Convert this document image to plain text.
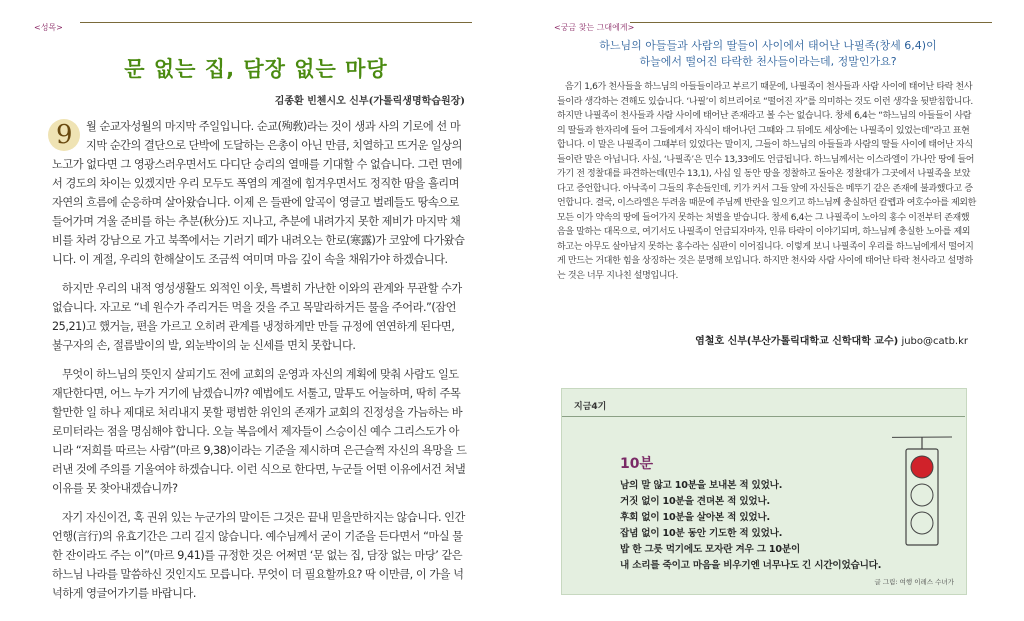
<성목>
문 없는 집, 담장 없는 마당
김종환 빈첸시오 신부(가톨릭생명학습원장)

9	월 순교자성월의 마지막 주일입니다. 순교(殉敎)라는 것이 생과 사의 기로에 선 마지막 순간의 결단으로 단박에 도달하는 은총이 아닌 만큼, 치열하고 뜨거운 일상의 노고가 없다면 그 영광스러우면서도 다디단 승리의 열매를 기대할 수 없습니다. 그런 면에서 경도의 차이는 있겠지만 우리 모두도 폭염의 계절에 힘겨우면서도 정직한 땀을 흘리며 자연의 흐름에 순응하며 살아왔습니다. 이제 은 들판에 알곡이 영글고 벌레들도 땅속으로 들어가며 겨울 준비를 하는 추분(秋分)도 지나고, 추분에 내려가지 못한 제비가 마지막 채비를 차려 강남으로 가고 북쪽에서는 기러기 떼가 내려오는 한로(寒露)가 코앞에 다가왔습니다. 이 계절, 우리의 한해살이도 조금씩 여미며 마음 깊이 속을 채워가야 하겠습니다.

하지만 우리의 내적 영성생활도 외적인 이웃, 특별히 가난한 이와의 관계와 무관할 수가 없습니다. 자고로 “네 원수가 주리거든 먹을 것을 주고 목말라하거든 물을 주어라.”(잠언 25,21)고 했거늘, 편을 가르고 오히려 관계를 냉정하게만 만들 규정에 연연하게 된다면, 불구자의 손, 절름발이의 발, 외눈박이의 눈 신세를 면치 못합니다.

무엇이 하느님의 뜻인지 살피기도 전에 교회의 운영과 자신의 계획에 맞춰 사람도 일도 재단한다면, 어느 누가 거기에 남겠습니까? 예법에도 서툴고, 말투도 어눌하며, 딱히 주목할만한 일 하나 제대로 처리내지 못할 평범한 위인의 존재가 교회의 진정성을 가늠하는 바로미터라는 점을 명심해야 합니다. 오늘 복음에서 제자들이 스승이신 예수 그리스도가 아니라 “저희를 따르는 사람”(마르 9,38)이라는 기준을 제시하며 은근슬쩍 자신의 욕망을 드러낸 것에 주의를 기울여야 하겠습니다. 이런 식으로 한다면, 누군들 어떤 이유에서건 쳐낼 이유를 못 찾아내겠습니까?

자기 자신이건, 혹 권위 있는 누군가의 말이든 그것은 끝내 믿을만하지는 않습니다. 인간 언행(言行)의 유효기간은 그리 길지 않습니다. 예수님께서 굳이 기준을 든다면서 “마실 물 한 잔이라도 주는 이”(마르 9,41)를 규정한 것은 어쩌면 ‘문 없는 집, 담장 없는 마당’ 같은 하느님 나라를 말씀하신 것인지도 모릅니다. 무엇이 더 필요할까요? 딱 이만큼, 이 가을 넉넉하게 영글어가기를 바랍니다.

<궁금 찾는 그대에게>
하느님의 아들들과 사람의 딸들이 사이에서 태어난 나필족(창세 6,4)이
하늘에서 떨어진 타락한 천사들이라는데, 정말인가요?

음기 1,6가 천사들을 하느님의 아들들이라고 부르기 때문에, 나필족이 천사들과 사람 사이에 태어난 타락 천사들이라 생각하는 견해도 있습니다. ‘나필’이 히브리어로 “떨어진 자”를 의미하는 것도 이런 생각을 뒷받침합니다. 하지만 나필족이 천사들과 사람 사이에 태어난 존재라고 볼 수는 없습니다. 창세 6,4는 “하느님의 아들들이 사람의 딸들과 한자리에 들어 그들에게서 자식이 태어나던 그때와 그 뒤에도 세상에는 나필족이 있었는데”라고 표현합니다. 이 말은 나필족이 그때부터 있었다는 말이지, 그들이 하느님의 아들들과 사람의 딸들 사이에 태어난 자식들이란 말은 아닙니다. 사실, ‘나필족’은 민수 13,33에도 언급됩니다. 하느님께서는 이스라엘이 가나안 땅에 들어가기 전 정찰대를 파견하는데(민수 13,1), 사십 일 동안 땅을 정찰하고 돌아온 정찰대가 그곳에서 나필족을 보았다고 증언합니다. 아낙족이 그들의 후손들인데, 키가 커서 그들 앞에 자신들은 메뚜기 같은 존재에 불과했다고 증언합니다. 결국, 이스라엘은 두려움 때문에 주님께 반란을 일으키고 하느님께 충실하던 칼렙과 여호수아를 제외한 모든 이가 약속의 땅에 들어가지 못하는 처벌을 받습니다. 창세 6,4는 그 나필족이 노아의 홍수 이전부터 존재했음을 말하는 대목으로, 여기서도 나필족이 언급되자마자, 인류 타락이 이야기되며, 하느님께 충실한 노아를 제외하고는 아무도 살아남지 못하는 홍수라는 심판이 이어집니다. 이렇게 보니 나필족이 우리를 하느님에게서 떨어지게 만드는 거대한 힘을 상징하는 것은 분명해 보입니다. 하지만 천사와 사람 사이에 태어난 타락 천사라고 설명하는 것은 너무 지나친 설명입니다.

염철호 신부(부산가톨릭대학교 신학대학 교수) jubo@catb.kr
지금4기
10분
남의 말 않고 10분을 보내본 적 있었나.
거짓 없이 10분을 견뎌본 적 있었나.
후회 없이 10분을 살아본 적 있었나.
잡념 없이 10분 동안 기도한 적 있었나.
밥 한 그릇 먹기에도 모자란 겨우 그 10분이
내 소리를 죽이고 마음을 비우기엔 너무나도 긴 시간이었습니다.
글 그림: 여행 이레스 수녀가
